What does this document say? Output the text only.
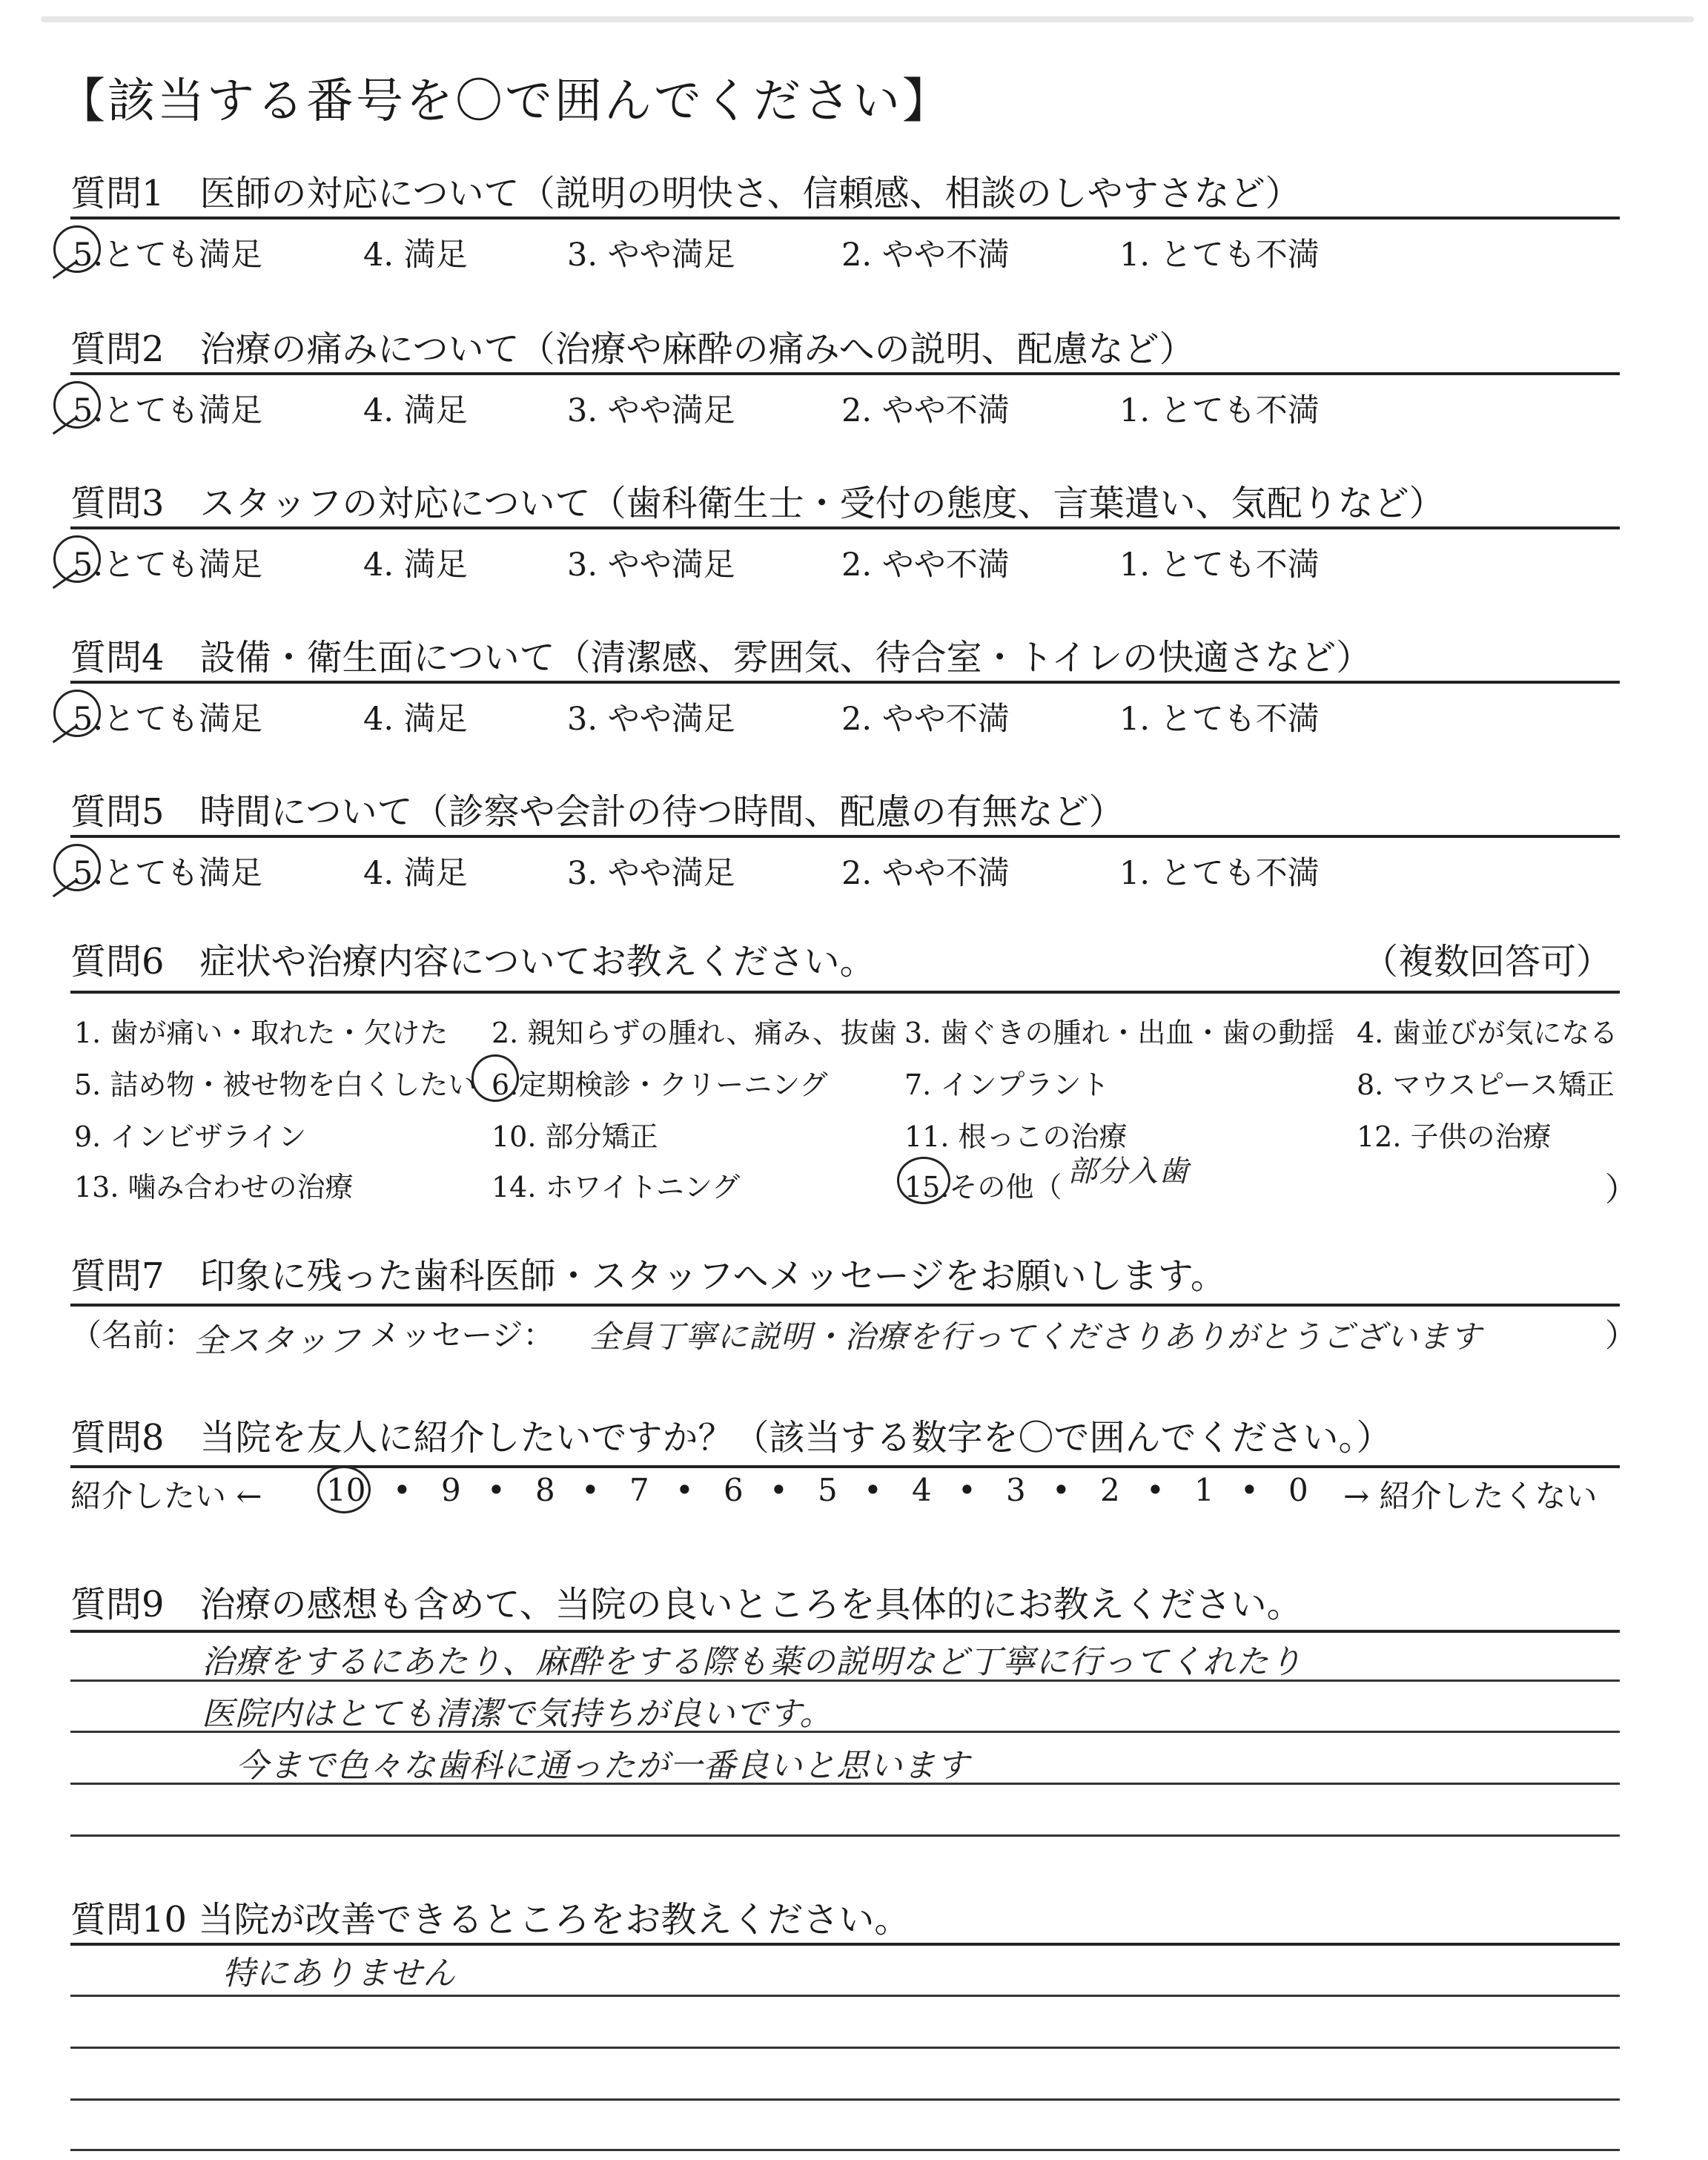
【該当する番号を〇で囲んでください】
質問1　医師の対応について（説明の明快さ、信頼感、相談のしやすさなど）
5.とても満足	4. 満足	3. やや満足	2. やや不満	1. とても不満
質問2　治療の痛みについて（治療や麻酔の痛みへの説明、配慮など）
5.とても満足	4. 満足	3. やや満足	2. やや不満	1. とても不満
質問3　スタッフの対応について（歯科衛生士・受付の態度、言葉遣い、気配りなど）
5.とても満足	4. 満足	3. やや満足	2. やや不満	1. とても不満
質問4　設備・衛生面について（清潔感、雰囲気、待合室・トイレの快適さなど）
5.とても満足	4. 満足	3. やや満足	2. やや不満	1. とても不満
質問5　時間について（診察や会計の待つ時間、配慮の有無など）
5.とても満足	4. 満足	3. やや満足	2. やや不満	1. とても不満
質問6　症状や治療内容についてお教えください。	（複数回答可）
1. 歯が痛い・取れた・欠けた 2. 親知らずの腫れ、痛み、抜歯 3. 歯ぐきの腫れ・出血・歯の動揺 4. 歯並びが気になる
5. 詰め物・被せ物を白くしたい 6.定期検診・クリーニング	7. インプラント	8. マウスピース矯正
9. インビザライン	10. 部分矯正	11. 根っこの治療	12. 子供の治療
13. 噛み合わせの治療	14. ホワイトニング	15.その他（ 部分入歯	）
質問7　印象に残った歯科医師・スタッフへメッセージをお願いします。
（名前：
全スタッフ メッセージ： 全員丁寧に説明・治療を行ってくださりありがとうございます	）
質問8　当院を友人に紹介したいですか？（該当する数字を〇で囲んでください。）
紹介したい ← 10 • 9 • 8 • 7 • 6 • 5 • 4 • 3 • 2 • 1 • 0 → 紹介したくない
質問9　治療の感想も含めて、当院の良いところを具体的にお教えください。
治療をするにあたり、麻酔をする際も薬の説明など丁寧に行ってくれたり
医院内はとても清潔で気持ちが良いです。
今まで色々な歯科に通ったが一番良いと思います
質問10 当院が改善できるところをお教えください。
特にありません
